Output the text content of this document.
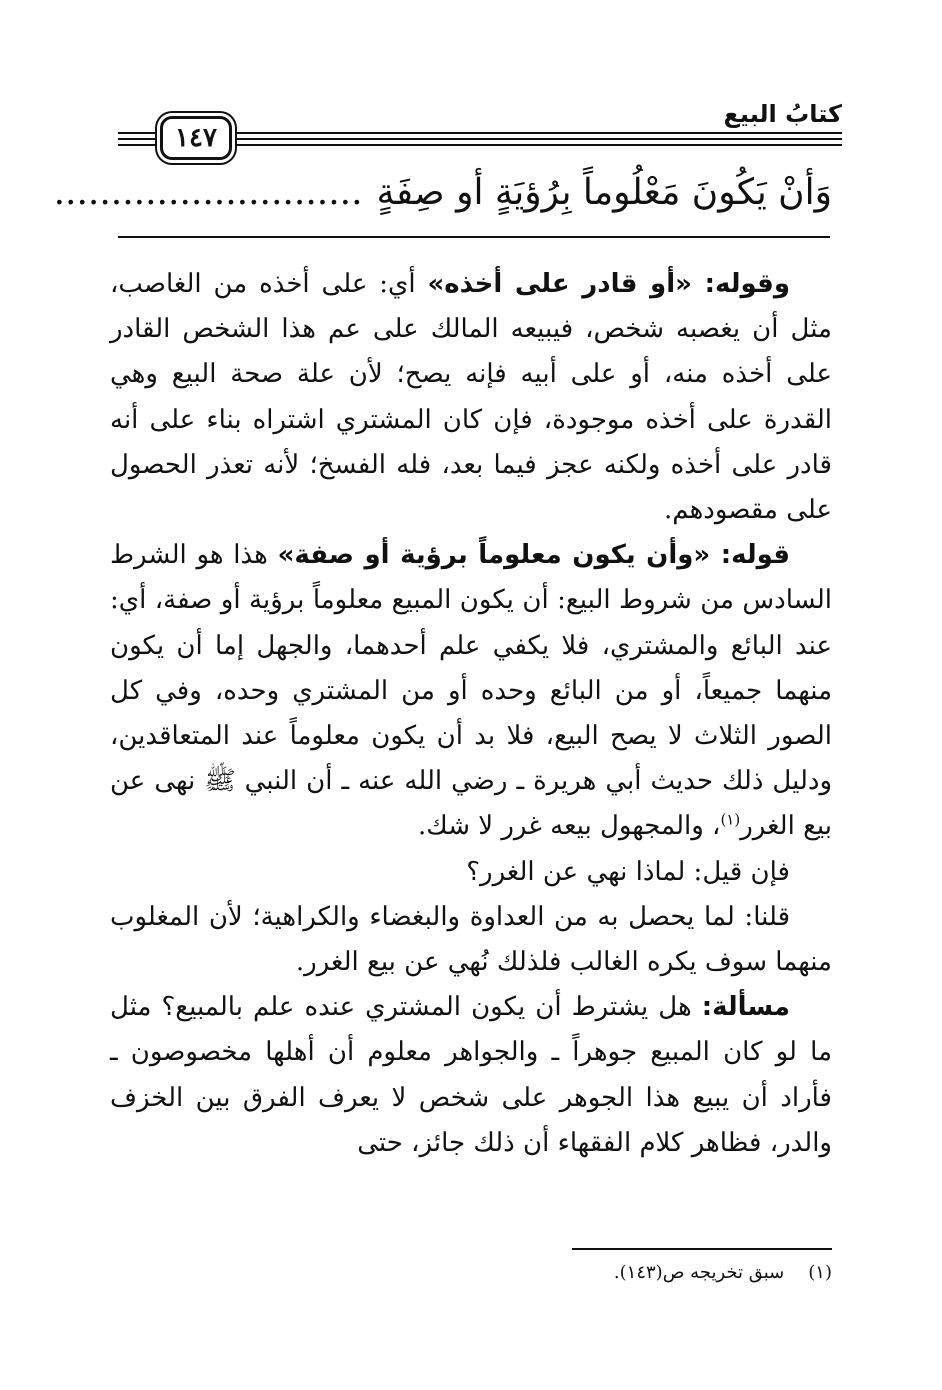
١٤٧
كتابُ البيع
وَأنْ يَكُونَ مَعْلُوماً بِرُؤيَةٍ أو صِفَةٍ...........................

وقوله: «أو قادر على أخذه» أي: على أخذه من الغاصب، مثل أن يغصبه شخص، فيبيعه المالك على عم هذا الشخص القادر على أخذه منه، أو على أبيه فإنه يصح؛ لأن علة صحة البيع وهي القدرة على أخذه موجودة، فإن كان المشتري اشتراه بناء على أنه قادر على أخذه ولكنه عجز فيما بعد، فله الفسخ؛ لأنه تعذر الحصول على مقصودهم.

قوله: «وأن يكون معلوماً برؤية أو صفة» هذا هو الشرط السادس من شروط البيع: أن يكون المبيع معلوماً برؤية أو صفة، أي: عند البائع والمشتري، فلا يكفي علم أحدهما، والجهل إما أن يكون منهما جميعاً، أو من البائع وحده أو من المشتري وحده، وفي كل الصور الثلاث لا يصح البيع، فلا بد أن يكون معلوماً عند المتعاقدين، ودليل ذلك حديث أبي هريرة ـ رضي الله عنه ـ أن النبي ﷺ نهى عن بيع الغرر$^{(١)}$، والمجهول بيعه غرر لا شك.

فإن قيل: لماذا نهي عن الغرر؟

قلنا: لما يحصل به من العداوة والبغضاء والكراهية؛ لأن المغلوب منهما سوف يكره الغالب فلذلك نُهي عن بيع الغرر.

مسألة: هل يشترط أن يكون المشتري عنده علم بالمبيع؟ مثل ما لو كان المبيع جوهراً ـ والجواهر معلوم أن أهلها مخصوصون ـ فأراد أن يبيع هذا الجوهر على شخص لا يعرف الفرق بين الخزف والدر، فظاهر كلام الفقهاء أن ذلك جائز، حتى

(١)سبق تخريجه ص(١٤٣).
